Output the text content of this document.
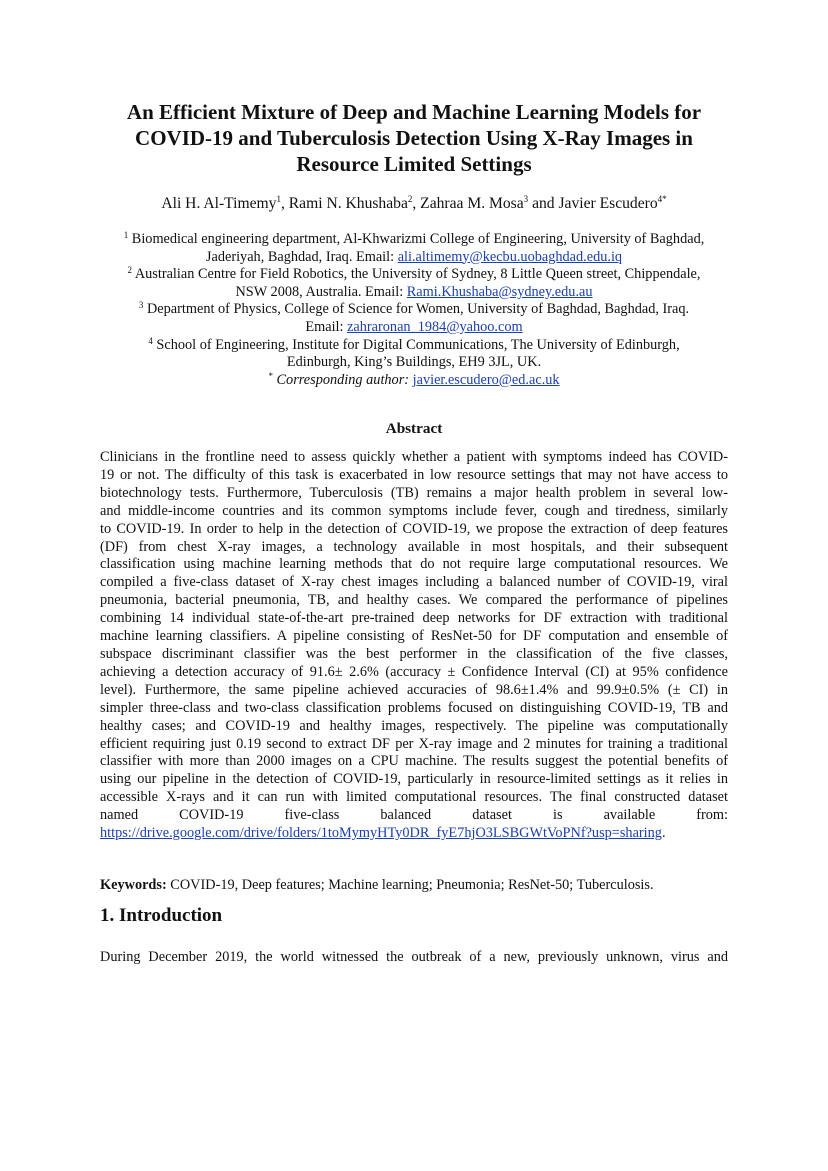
An Efficient Mixture of Deep and Machine Learning Models for
COVID-19 and Tuberculosis Detection Using X-Ray Images in
Resource Limited Settings
Ali H. Al-Timemy$^1$, Rami N. Khushaba$^2$, Zahraa M. Mosa$^3$ and Javier Escudero$^{4*}$
$^1$ Biomedical engineering department, Al-Khwarizmi College of Engineering, University of Baghdad,
Jaderiyah, Baghdad, Iraq. Email: ali.altimemy@kecbu.uobaghdad.edu.iq
$^2$ Australian Centre for Field Robotics, the University of Sydney, 8 Little Queen street, Chippendale,
NSW 2008, Australia. Email: Rami.Khushaba@sydney.edu.au
$^3$ Department of Physics, College of Science for Women, University of Baghdad, Baghdad, Iraq.
Email: zahraronan_1984@yahoo.com
$^4$ School of Engineering, Institute for Digital Communications, The University of Edinburgh,
Edinburgh, King’s Buildings, EH9 3JL, UK.
* Corresponding author: javier.escudero@ed.ac.uk
Abstract
Clinicians in the frontline need to assess quickly whether a patient with symptoms indeed has COVID-
19 or not. The difficulty of this task is exacerbated in low resource settings that may not have access to
biotechnology tests. Furthermore, Tuberculosis (TB) remains a major health problem in several low-
and middle-income countries and its common symptoms include fever, cough and tiredness, similarly
to COVID-19. In order to help in the detection of COVID-19, we propose the extraction of deep features
(DF) from chest X-ray images, a technology available in most hospitals, and their subsequent
classification using machine learning methods that do not require large computational resources. We
compiled a five-class dataset of X-ray chest images including a balanced number of COVID-19, viral
pneumonia, bacterial pneumonia, TB, and healthy cases. We compared the performance of pipelines
combining 14 individual state-of-the-art pre-trained deep networks for DF extraction with traditional
machine learning classifiers. A pipeline consisting of ResNet-50 for DF computation and ensemble of
subspace discriminant classifier was the best performer in the classification of the five classes,
achieving a detection accuracy of 91.6± 2.6% (accuracy ± Confidence Interval (CI) at 95% confidence
level). Furthermore, the same pipeline achieved accuracies of 98.6±1.4% and 99.9±0.5% (± CI) in
simpler three-class and two-class classification problems focused on distinguishing COVID-19, TB and
healthy cases; and COVID-19 and healthy images, respectively. The pipeline was computationally
efficient requiring just 0.19 second to extract DF per X-ray image and 2 minutes for training a traditional
classifier with more than 2000 images on a CPU machine. The results suggest the potential benefits of
using our pipeline in the detection of COVID-19, particularly in resource-limited settings as it relies in
accessible X-rays and it can run with limited computational resources. The final constructed dataset
named          COVID-19          five-class          balanced          dataset          is          available          from:
https://drive.google.com/drive/folders/1toMymyHTy0DR_fyE7hjO3LSBGWtVoPNf?usp=sharing.
Keywords: COVID-19, Deep features; Machine learning; Pneumonia; ResNet-50; Tuberculosis.
1. Introduction
During December 2019, the world witnessed the outbreak of a new, previously unknown, virus and
